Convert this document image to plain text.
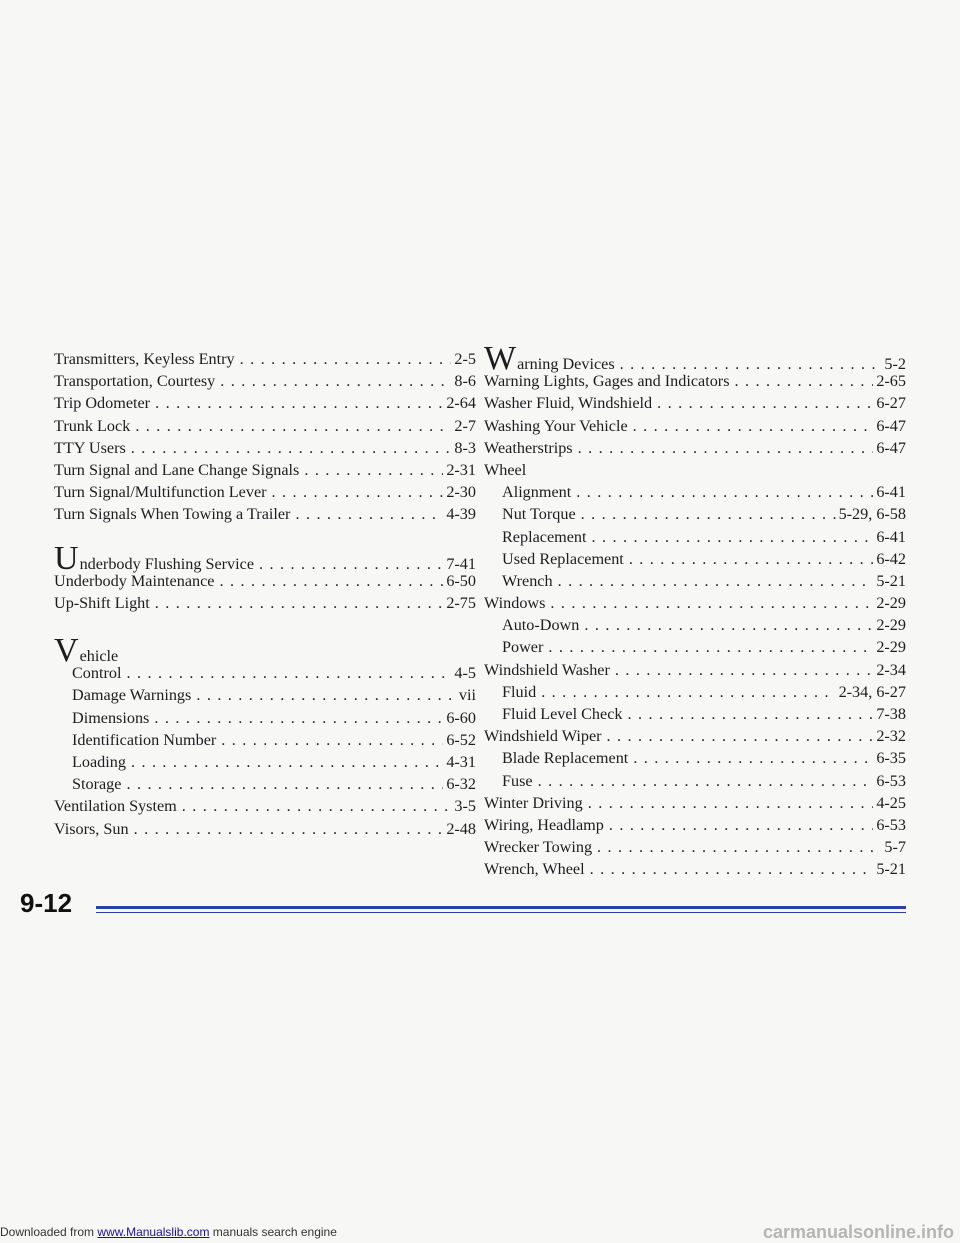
Transmitters, Keyless Entry . . .	2-5
Transportation, Courtesy . . .	8-6
Trip Odometer . . .	2-64
Trunk Lock . . .	2-7
TTY Users . . .	8-3
Turn Signal and Lane Change Signals . . .	2-31
Turn Signal/Multifunction Lever . . .	2-30
Turn Signals When Towing a Trailer . . .	4-39
Underbody Flushing Service . . .	7-41
Underbody Maintenance . . .	6-50
Up-Shift Light . . .	2-75
Vehicle
Control . . .	4-5
Damage Warnings . . .	vii
Dimensions . . .	6-60
Identification Number . . .	6-52
Loading . . .	4-31
Storage . . .	6-32
Ventilation System . . .	3-5
Visors, Sun . . .	2-48
Warning Devices . . .	5-2
Warning Lights, Gages and Indicators . . .	2-65
Washer Fluid, Windshield . . .	6-27
Washing Your Vehicle . . .	6-47
Weatherstrips . . .	6-47
Wheel
Alignment . . .	6-41
Nut Torque . . .	5-29, 6-58
Replacement . . .	6-41
Used Replacement . . .	6-42
Wrench . . .	5-21
Windows . . .	2-29
Auto-Down . . .	2-29
Power . . .	2-29
Windshield Washer . . .	2-34
Fluid . . .	2-34, 6-27
Fluid Level Check . . .	7-38
Windshield Wiper . . .	2-32
Blade Replacement . . .	6-35
Fuse . . .	6-53
Winter Driving . . .	4-25
Wiring, Headlamp . . .	6-53
Wrecker Towing . . .	5-7
Wrench, Wheel . . .	5-21
9-12
Downloaded from www.Manualslib.com manuals search engine	carmanualsonline.info
